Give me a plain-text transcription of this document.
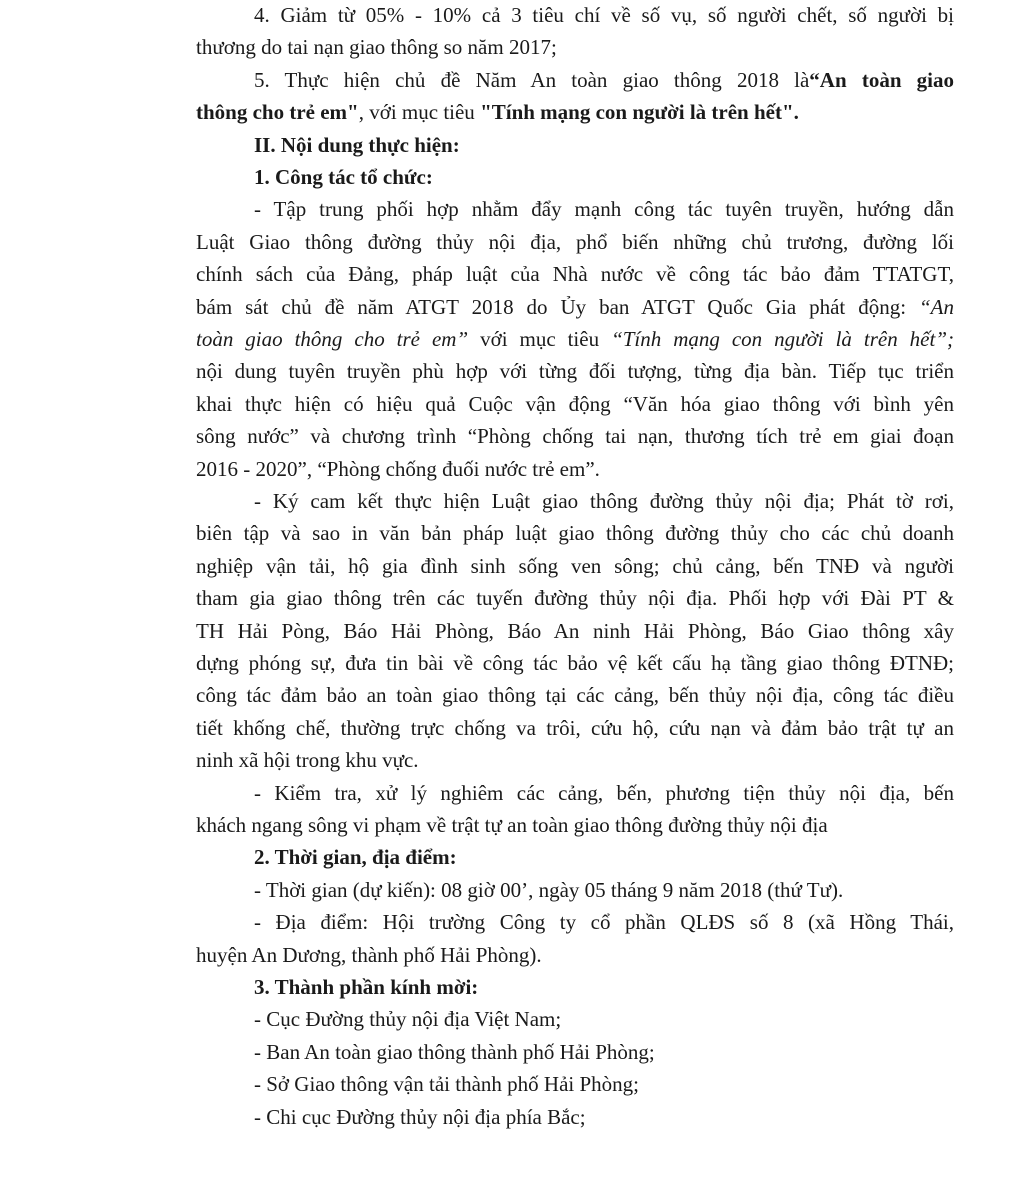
4. Giảm từ 05% - 10% cả 3 tiêu chí về số vụ, số người chết, số người bị
thương do tai nạn giao thông so năm 2017;
5. Thực hiện chủ đề Năm An toàn giao thông 2018 là“An toàn giao
thông cho trẻ em", với mục tiêu "Tính mạng con người là trên hết".
II. Nội dung thực hiện:
1. Công tác tổ chức:
- Tập trung phối hợp nhằm đẩy mạnh công tác tuyên truyền, hướng dẫn
Luật Giao thông đường thủy nội địa, phổ biến những chủ trương, đường lối
chính sách của Đảng, pháp luật của Nhà nước về công tác bảo đảm TTATGT,
bám sát chủ đề năm ATGT 2018 do Ủy ban ATGT Quốc Gia phát động: “An
toàn giao thông cho trẻ em” với mục tiêu “Tính mạng con người là trên hết”;
nội dung tuyên truyền phù hợp với từng đối tượng, từng địa bàn. Tiếp tục triển
khai thực hiện có hiệu quả Cuộc vận động “Văn hóa giao thông với bình yên
sông nước” và chương trình “Phòng chống tai nạn, thương tích trẻ em giai đoạn
2016 - 2020”, “Phòng chống đuối nước trẻ em”.
- Ký cam kết thực hiện Luật giao thông đường thủy nội địa; Phát tờ rơi,
biên tập và sao in văn bản pháp luật giao thông đường thủy cho các chủ doanh
nghiệp vận tải, hộ gia đình sinh sống ven sông; chủ cảng, bến TNĐ và người
tham gia giao thông trên các tuyến đường thủy nội địa. Phối hợp với Đài PT &
TH Hải Pòng, Báo Hải Phòng, Báo An ninh Hải Phòng, Báo Giao thông xây
dựng phóng sự, đưa tin bài về công tác bảo vệ kết cấu hạ tầng giao thông ĐTNĐ;
công tác đảm bảo an toàn giao thông tại các cảng, bến thủy nội địa, công tác điều
tiết khống chế, thường trực chống va trôi, cứu hộ, cứu nạn và đảm bảo trật tự an
ninh xã hội trong khu vực.
- Kiểm tra, xử lý nghiêm các cảng, bến, phương tiện thủy nội địa, bến
khách ngang sông vi phạm về trật tự an toàn giao thông đường thủy nội địa
2. Thời gian, địa điểm:
- Thời gian (dự kiến): 08 giờ 00’, ngày 05 tháng 9 năm 2018 (thứ Tư).
- Địa điểm: Hội trường Công ty cổ phần QLĐS số 8 (xã Hồng Thái,
huyện An Dương, thành phố Hải Phòng).
3. Thành phần kính mời:
- Cục Đường thủy nội địa Việt Nam;
- Ban An toàn giao thông thành phố Hải Phòng;
- Sở Giao thông vận tải thành phố Hải Phòng;
- Chi cục Đường thủy nội địa phía Bắc;
